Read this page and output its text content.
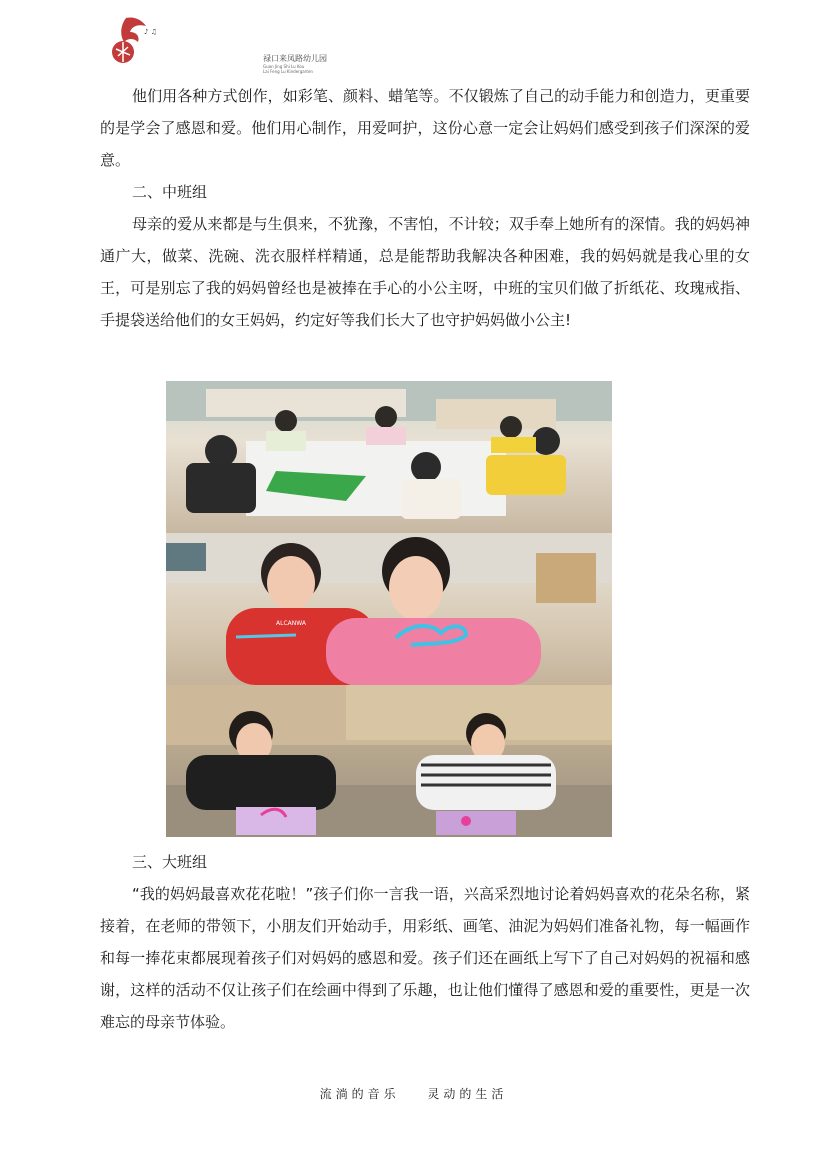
♪ ♫
禄口来凤路幼儿园
Guan Jing Shi Lu Kou
Lai Feng Lu Kindergarten

他们用各种方式创作，如彩笔、颜料、蜡笔等。不仅锻炼了自己的动手能力和创造力，更重要的是学会了感恩和爱。他们用心制作，用爱呵护，这份心意一定会让妈妈们感受到孩子们深深的爱意。

二、中班组

母亲的爱从来都是与生俱来，不犹豫，不害怕，不计较；双手奉上她所有的深情。我的妈妈神通广大，做菜、洗碗、洗衣服样样精通，总是能帮助我解决各种困难，我的妈妈就是我心里的女王，可是别忘了我的妈妈曾经也是被捧在手心的小公主呀，中班的宝贝们做了折纸花、玫瑰戒指、手提袋送给他们的女王妈妈，约定好等我们长大了也守护妈妈做小公主!

ALCANWA

三、大班组

“我的妈妈最喜欢花花啦！”孩子们你一言我一语，兴高采烈地讨论着妈妈喜欢的花朵名称，紧接着，在老师的带领下，小朋友们开始动手，用彩纸、画笔、油泥为妈妈们准备礼物，每一幅画作和每一捧花束都展现着孩子们对妈妈的感恩和爱。孩子们还在画纸上写下了自己对妈妈的祝福和感谢，这样的活动不仅让孩子们在绘画中得到了乐趣，也让他们懂得了感恩和爱的重要性，更是一次难忘的母亲节体验。

流淌的音乐 灵动的生活
